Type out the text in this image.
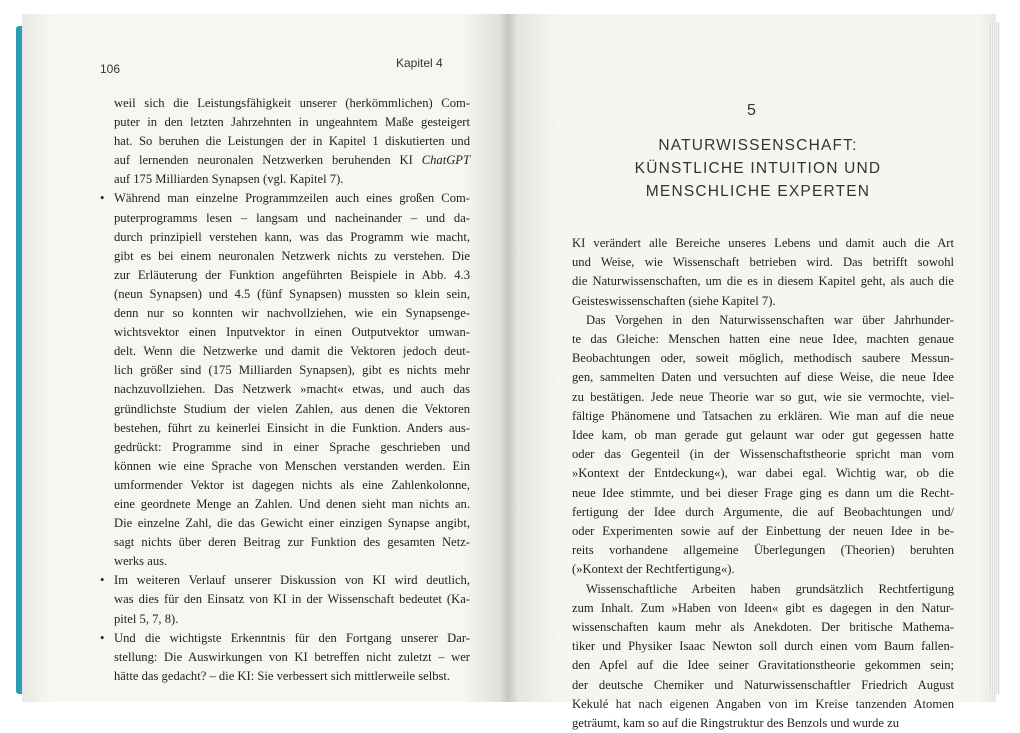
106	Kapitel 4

weil sich die Leistungsfähigkeit unserer (herkömmlichen) Com-
puter in den letzten Jahrzehnten in ungeahntem Maße gesteigert
hat. So beruhen die Leistungen der in Kapitel 1 diskutierten und
auf lernenden neuronalen Netzwerken beruhenden KI ChatGPT
auf 175 Milliarden Synapsen (vgl. Kapitel 7).

• Während man einzelne Programmzeilen auch eines großen Com-
puterprogramms lesen – langsam und nacheinander – und da-
durch prinzipiell verstehen kann, was das Programm wie macht,
gibt es bei einem neuronalen Netzwerk nichts zu verstehen. Die
zur Erläuterung der Funktion angeführten Beispiele in Abb. 4.3
(neun Synapsen) und 4.5 (fünf Synapsen) mussten so klein sein,
denn nur so konnten wir nachvollziehen, wie ein Synapsenge-
wichtsvektor einen Inputvektor in einen Outputvektor umwan-
delt. Wenn die Netzwerke und damit die Vektoren jedoch deut-
lich größer sind (175 Milliarden Synapsen), gibt es nichts mehr
nachzuvollziehen. Das Netzwerk »macht« etwas, und auch das
gründlichste Studium der vielen Zahlen, aus denen die Vektoren
bestehen, führt zu keinerlei Einsicht in die Funktion. Anders aus-
gedrückt: Programme sind in einer Sprache geschrieben und
können wie eine Sprache von Menschen verstanden werden. Ein
umformender Vektor ist dagegen nichts als eine Zahlenkolonne,
eine geordnete Menge an Zahlen. Und denen sieht man nichts an.
Die einzelne Zahl, die das Gewicht einer einzigen Synapse angibt,
sagt nichts über deren Beitrag zur Funktion des gesamten Netz-
werks aus.

• Im weiteren Verlauf unserer Diskussion von KI wird deutlich,
was dies für den Einsatz von KI in der Wissenschaft bedeutet (Ka-
pitel 5, 7, 8).

• Und die wichtigste Erkenntnis für den Fortgang unserer Dar-
stellung: Die Auswirkungen von KI betreffen nicht zuletzt – wer
hätte das gedacht? – die KI: Sie verbessert sich mittlerweile selbst.

5
NATURWISSENSCHAFT:
KÜNSTLICHE INTUITION UND
MENSCHLICHE EXPERTEN

KI verändert alle Bereiche unseres Lebens und damit auch die Art
und Weise, wie Wissenschaft betrieben wird. Das betrifft sowohl
die Naturwissenschaften, um die es in diesem Kapitel geht, als auch die
Geisteswissenschaften (siehe Kapitel 7).

Das Vorgehen in den Naturwissenschaften war über Jahrhunder-
te das Gleiche: Menschen hatten eine neue Idee, machten genaue
Beobachtungen oder, soweit möglich, methodisch saubere Messun-
gen, sammelten Daten und versuchten auf diese Weise, die neue Idee
zu bestätigen. Jede neue Theorie war so gut, wie sie vermochte, viel-
fältige Phänomene und Tatsachen zu erklären. Wie man auf die neue
Idee kam, ob man gerade gut gelaunt war oder gut gegessen hatte
oder das Gegenteil (in der Wissenschaftstheorie spricht man vom
»Kontext der Entdeckung«), war dabei egal. Wichtig war, ob die
neue Idee stimmte, und bei dieser Frage ging es dann um die Recht-
fertigung der Idee durch Argumente, die auf Beobachtungen und/
oder Experimenten sowie auf der Einbettung der neuen Idee in be-
reits vorhandene allgemeine Überlegungen (Theorien) beruhten
(»Kontext der Rechtfertigung«).

Wissenschaftliche Arbeiten haben grundsätzlich Rechtfertigung
zum Inhalt. Zum »Haben von Ideen« gibt es dagegen in den Natur-
wissenschaften kaum mehr als Anekdoten. Der britische Mathema-
tiker und Physiker Isaac Newton soll durch einen vom Baum fallen-
den Apfel auf die Idee seiner Gravitationstheorie gekommen sein;
der deutsche Chemiker und Naturwissenschaftler Friedrich August
Kekulé hat nach eigenen Angaben von im Kreise tanzenden Atomen
geträumt, kam so auf die Ringstruktur des Benzols und wurde zu
